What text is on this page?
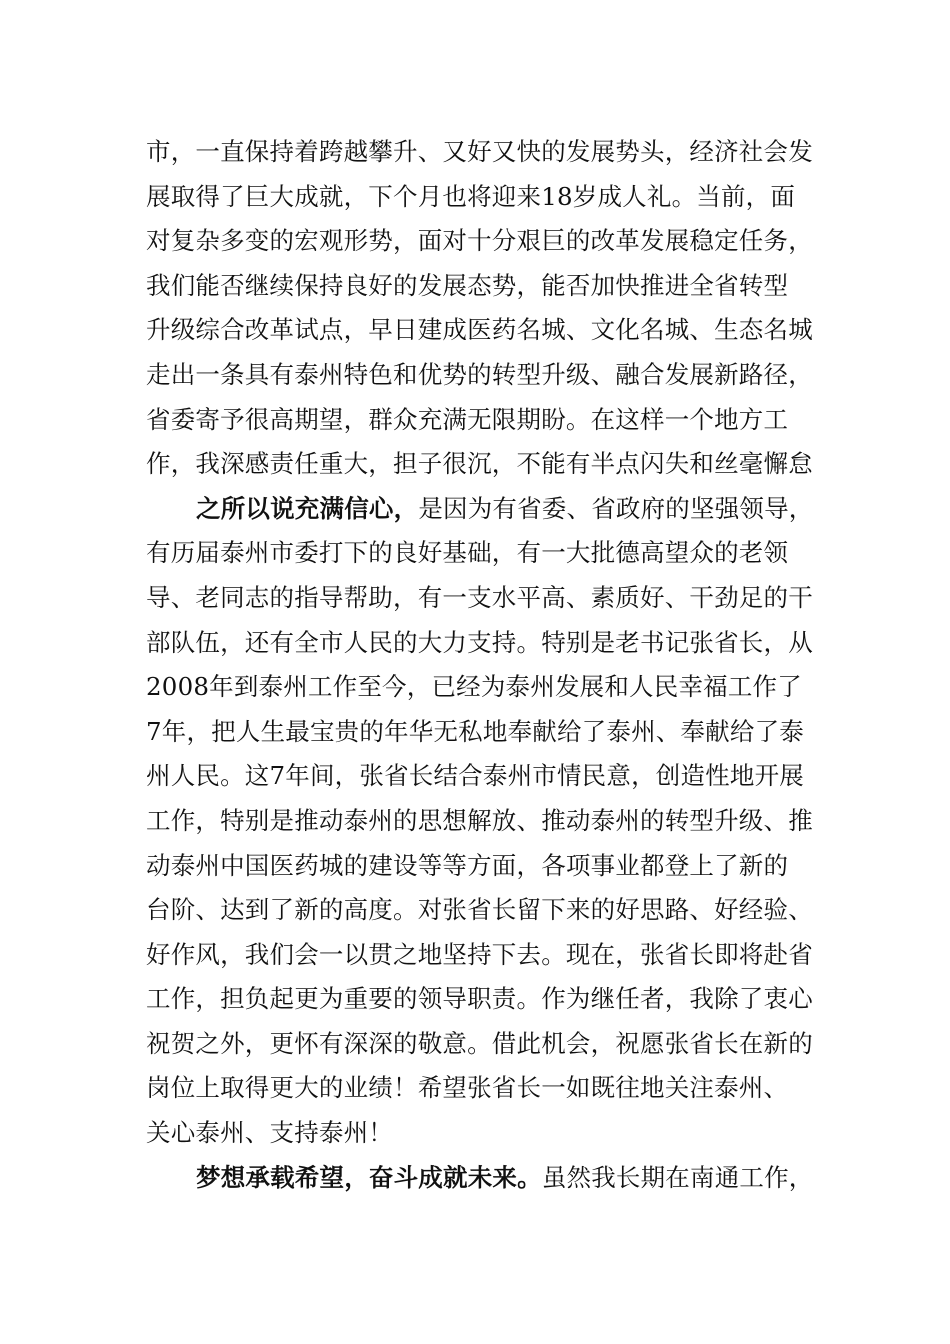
市，一直保持着跨越攀升、又好又快的发展势头，经济社会发
展取得了巨大成就，下个月也将迎来18岁成人礼。当前，面
对复杂多变的宏观形势，面对十分艰巨的改革发展稳定任务，
我们能否继续保持良好的发展态势，能否加快推进全省转型
升级综合改革试点，早日建成医药名城、文化名城、生态名城
走出一条具有泰州特色和优势的转型升级、融合发展新路径，
省委寄予很高期望，群众充满无限期盼。在这样一个地方工
作，我深感责任重大，担子很沉，不能有半点闪失和丝毫懈怠
之所以说充满信心，是因为有省委、省政府的坚强领导，
有历届泰州市委打下的良好基础，有一大批德高望众的老领
导、老同志的指导帮助，有一支水平高、素质好、干劲足的干
部队伍，还有全市人民的大力支持。特别是老书记张省长，从
2008年到泰州工作至今，已经为泰州发展和人民幸福工作了
7年，把人生最宝贵的年华无私地奉献给了泰州、奉献给了泰
州人民。这7年间，张省长结合泰州市情民意，创造性地开展
工作，特别是推动泰州的思想解放、推动泰州的转型升级、推
动泰州中国医药城的建设等等方面，各项事业都登上了新的
台阶、达到了新的高度。对张省长留下来的好思路、好经验、
好作风，我们会一以贯之地坚持下去。现在，张省长即将赴省
工作，担负起更为重要的领导职责。作为继任者，我除了衷心
祝贺之外，更怀有深深的敬意。借此机会，祝愿张省长在新的
岗位上取得更大的业绩！希望张省长一如既往地关注泰州、
关心泰州、支持泰州！
梦想承载希望，奋斗成就未来。虽然我长期在南通工作，
